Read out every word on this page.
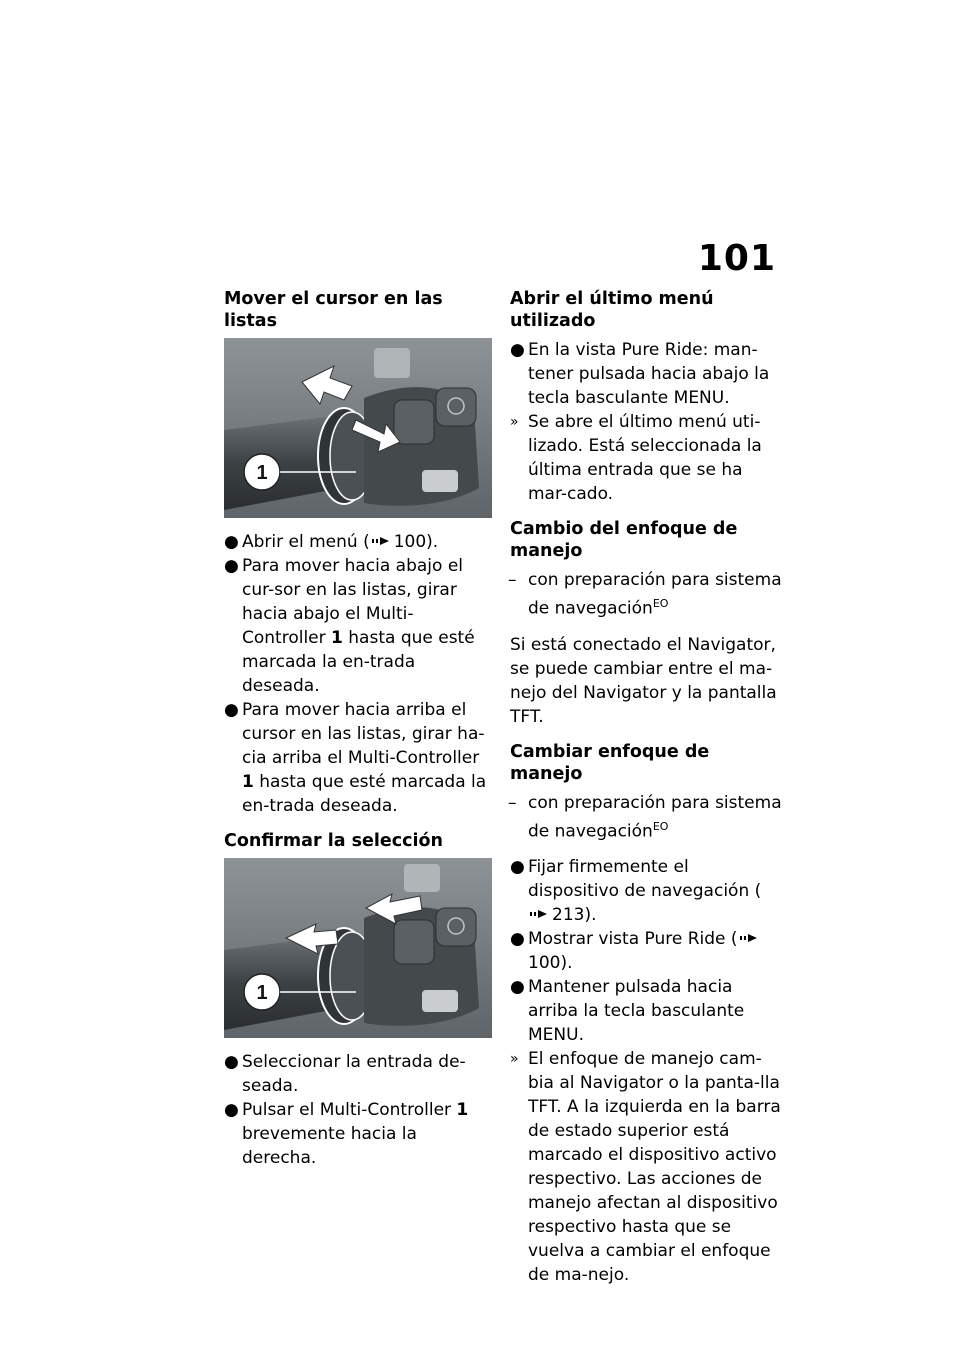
101
Mover el cursor en las listas
1
● Abrir el menú ( 100).
● Para mover hacia abajo el cur-sor en las listas, girar hacia abajo el Multi-Controller 1 hasta que esté marcada la en-trada deseada.
● Para mover hacia arriba el cursor en las listas, girar ha-cia arriba el Multi-Controller 1 hasta que esté marcada la en-trada deseada.
Confirmar la selección
1
● Seleccionar la entrada de-seada.
● Pulsar el Multi-Controller 1 brevemente hacia la derecha.
Abrir el último menú utilizado
● En la vista Pure Ride: man-tener pulsada hacia abajo la tecla basculante MENU.
» Se abre el último menú uti-lizado. Está seleccionada la última entrada que se ha mar-cado.
Cambio del enfoque de manejo
– con preparación para sistema de navegación$^{EO}$
Si está conectado el Navigator, se puede cambiar entre el ma-nejo del Navigator y la pantalla TFT.
Cambiar enfoque de manejo
– con preparación para sistema de navegación$^{EO}$
● Fijar firmemente el dispositivo de navegación (213).
● Mostrar vista Pure Ride (100).
● Mantener pulsada hacia arriba la tecla basculante MENU.
» El enfoque de manejo cam-bia al Navigator o la panta-lla TFT. A la izquierda en la barra de estado superior está marcado el dispositivo activo respectivo. Las acciones de manejo afectan al dispositivo respectivo hasta que se vuelva a cambiar el enfoque de ma-nejo.
